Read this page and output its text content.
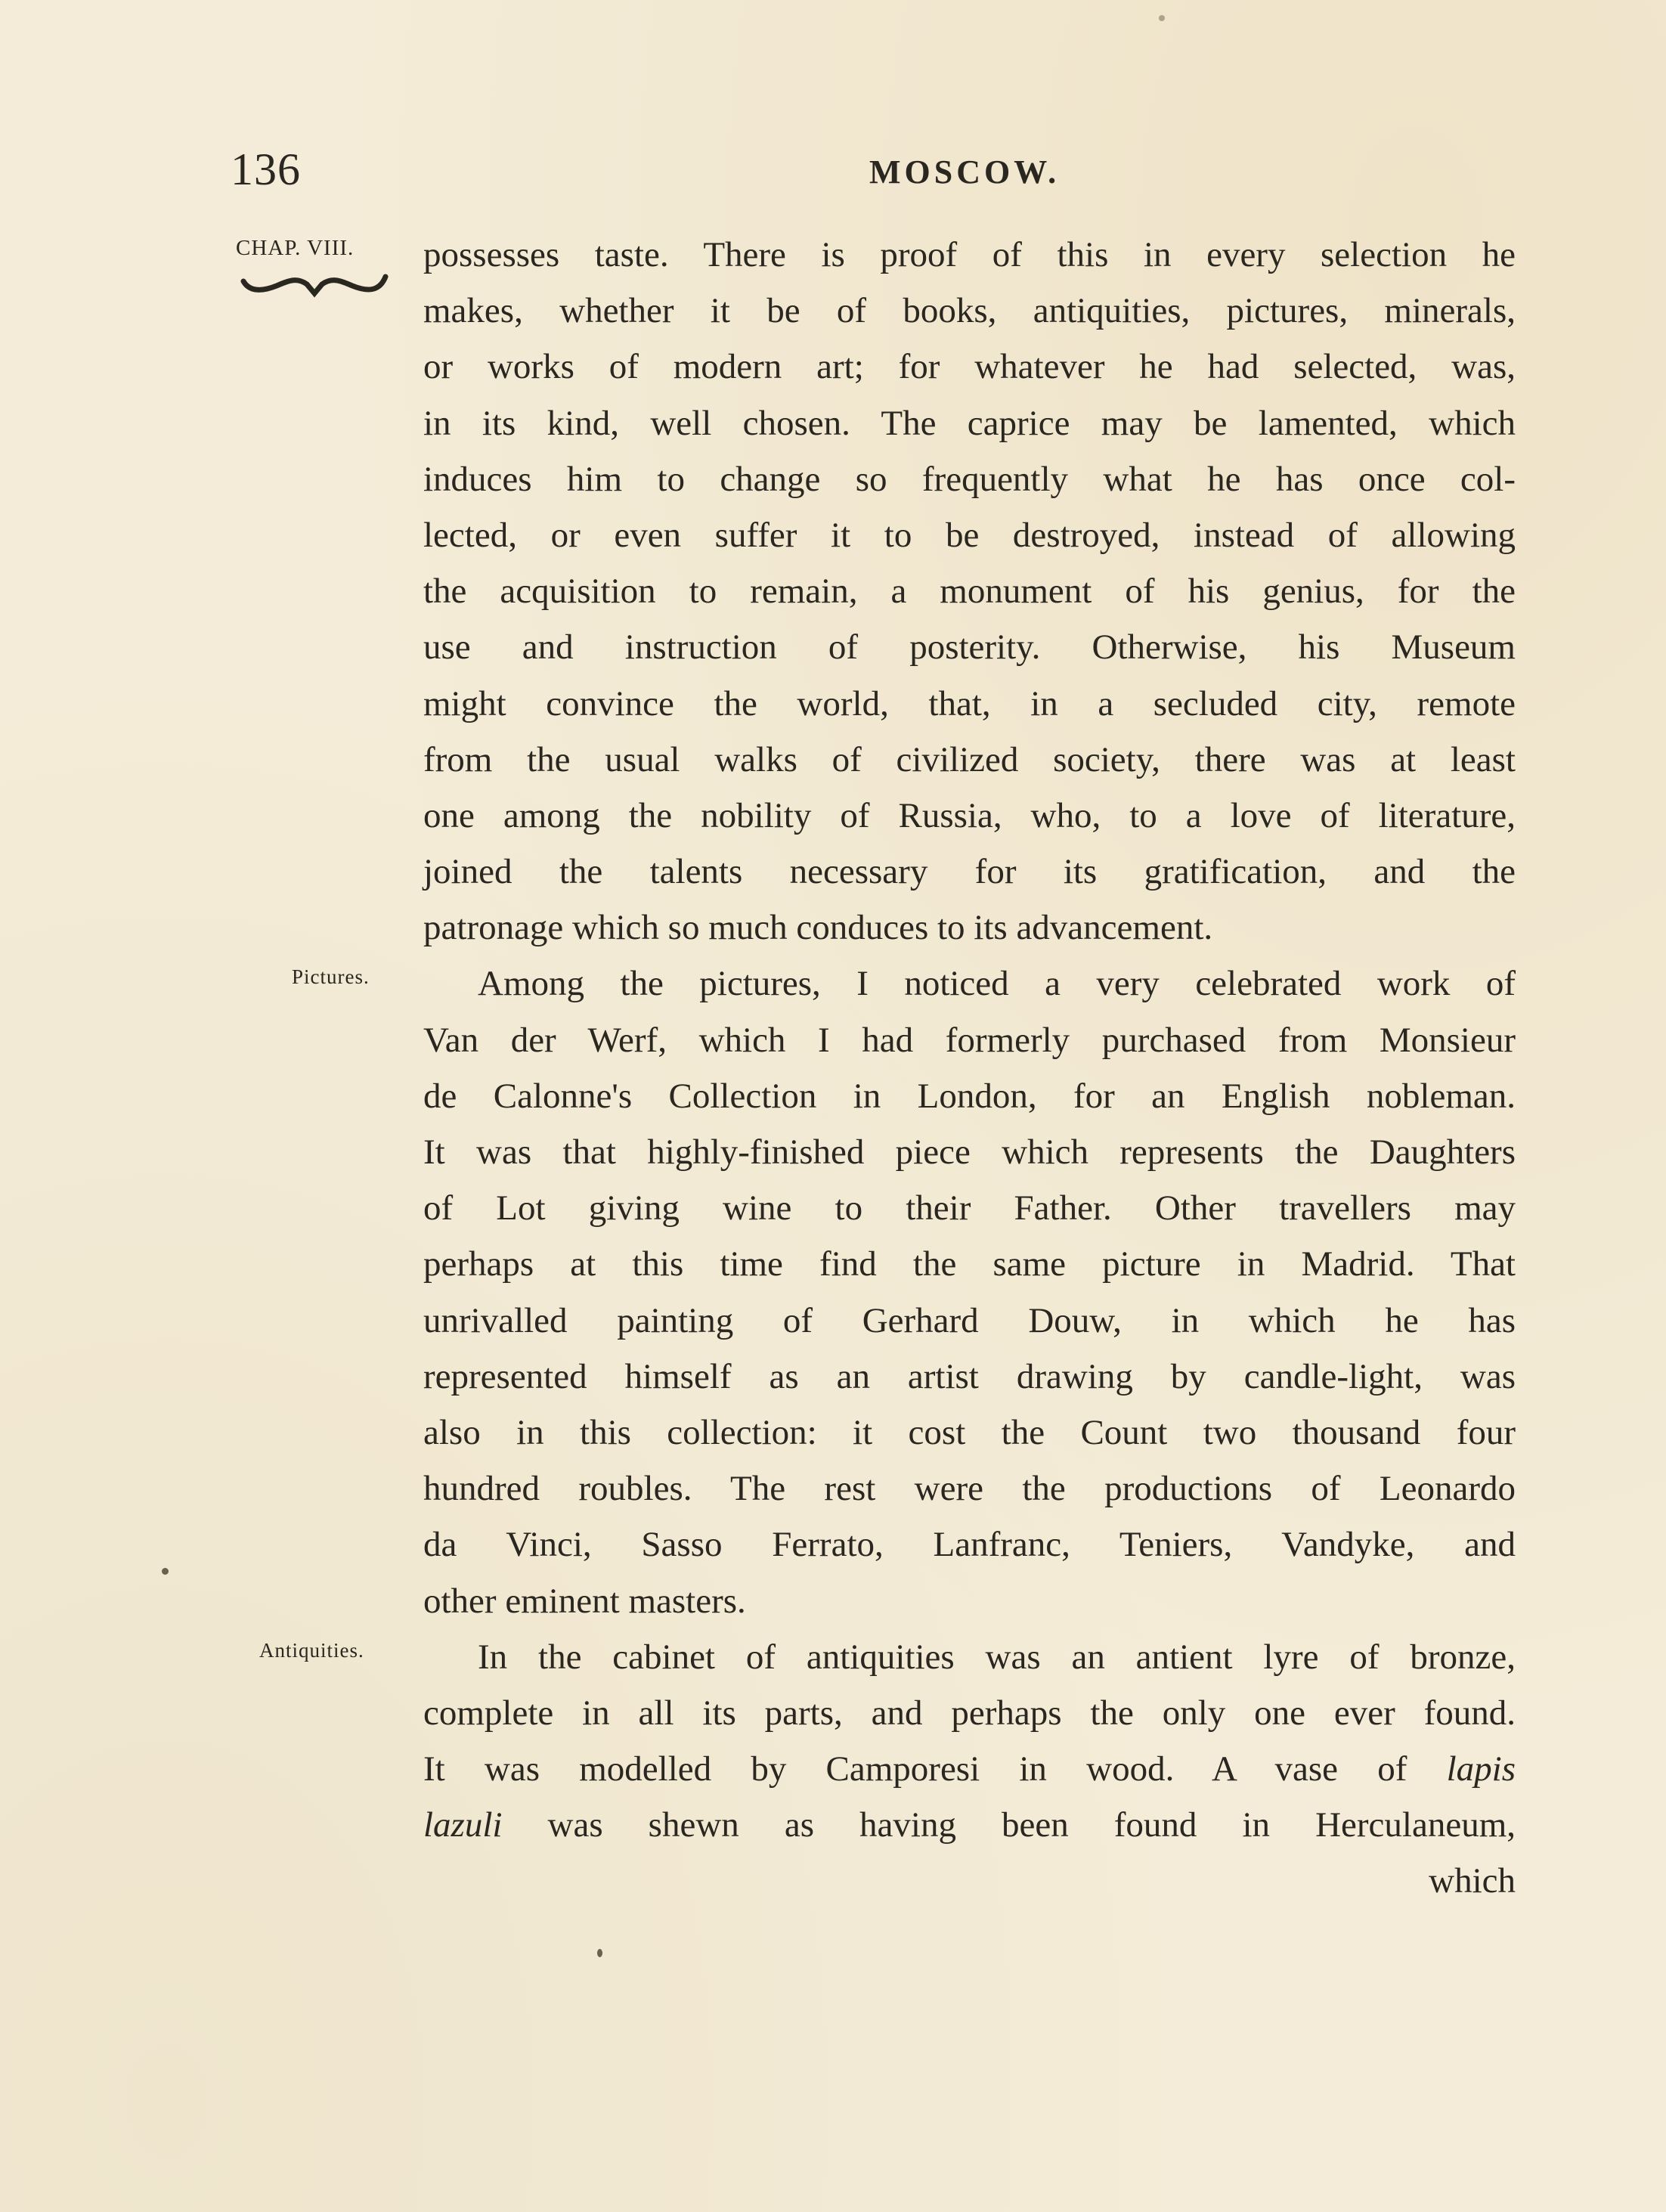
136	MOSCOW.
CHAP. VIII.
Pictures.
Antiquities.
possesses taste. There is proof of this in every selection he
makes, whether it be of books, antiquities, pictures, minerals,
or works of modern art; for whatever he had selected, was,
in its kind, well chosen. The caprice may be lamented, which
induces him to change so frequently what he has once col-
lected, or even suffer it to be destroyed, instead of allowing
the acquisition to remain, a monument of his genius, for the
use and instruction of posterity. Otherwise, his Museum
might convince the world, that, in a secluded city, remote
from the usual walks of civilized society, there was at least
one among the nobility of Russia, who, to a love of literature,
joined the talents necessary for its gratification, and the
patronage which so much conduces to its advancement.
Among the pictures, I noticed a very celebrated work of
Van der Werf, which I had formerly purchased from Monsieur
de Calonne's Collection in London, for an English nobleman.
It was that highly-finished piece which represents the Daughters
of Lot giving wine to their Father. Other travellers may
perhaps at this time find the same picture in Madrid. That
unrivalled painting of Gerhard Douw, in which he has
represented himself as an artist drawing by candle-light, was
also in this collection: it cost the Count two thousand four
hundred roubles. The rest were the productions of Leonardo
da Vinci, Sasso Ferrato, Lanfranc, Teniers, Vandyke, and
other eminent masters.
In the cabinet of antiquities was an antient lyre of bronze,
complete in all its parts, and perhaps the only one ever found.
It was modelled by Camporesi in wood. A vase of lapis
lazuli was shewn as having been found in Herculaneum,
which
